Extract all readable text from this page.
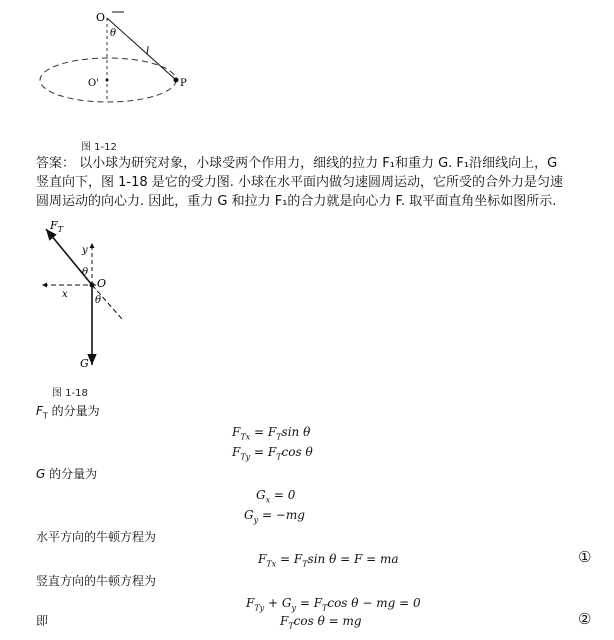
O
θ
l
O'	P
图 1-12
答案： 以小球为研究对象，小球受两个作用力，细线的拉力 F₁和重力 G. F₁沿细线向上，G
竖直向下，图 1-18 是它的受力图. 小球在水平面内做匀速圆周运动，它所受的合外力是匀速
圆周运动的向心力. 因此，重力 G 和拉力 F₁的合力就是向心力 F. 取平面直角坐标如图所示.
$F_T$
y
x
O
θ
θ
G
图 1-18
$F_T$ 的分量为
$F_{Tx} = F_T\sin$ θ
$F_{Ty} = F_T\cos$ θ
G 的分量为
$G_x = 0$
$G_y = -mg$
水平方向的牛顿方程为
$F_{Tx} = F_T\sin$ θ = F = ma	①
竖直方向的牛顿方程为
$F_{Ty} + G_y = F_T\cos$ θ − mg = 0
即	$F_T\cos$ θ = mg	②
